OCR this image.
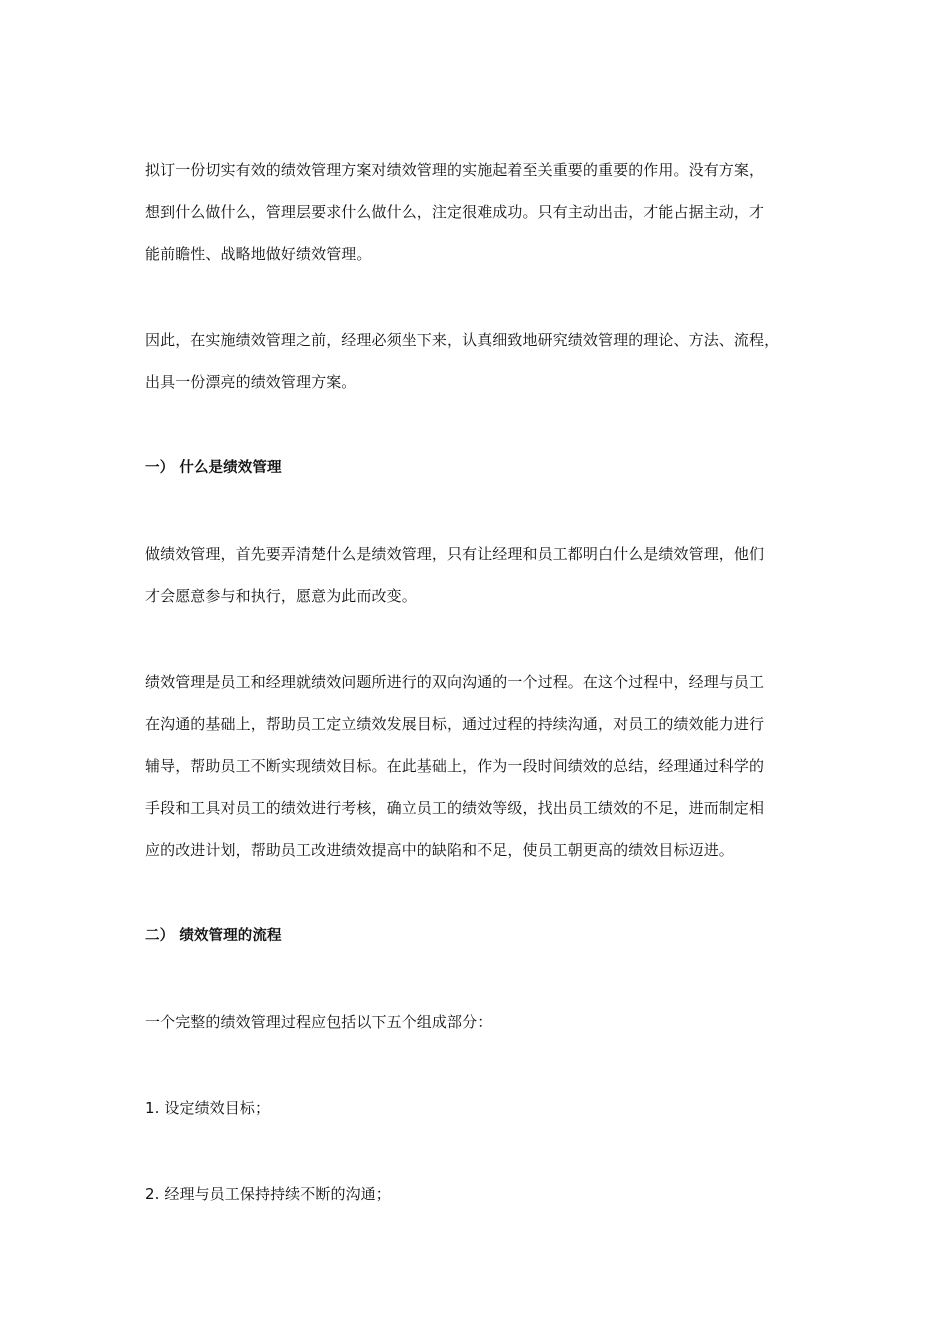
拟订一份切实有效的绩效管理方案对绩效管理的实施起着至关重要的重要的作用。没有方案，
想到什么做什么，管理层要求什么做什么，注定很难成功。只有主动出击，才能占据主动，才
能前瞻性、战略地做好绩效管理。
因此，在实施绩效管理之前，经理必须坐下来，认真细致地研究绩效管理的理论、方法、流程，
出具一份漂亮的绩效管理方案。
一） 什么是绩效管理
做绩效管理，首先要弄清楚什么是绩效管理，只有让经理和员工都明白什么是绩效管理，他们
才会愿意参与和执行，愿意为此而改变。
绩效管理是员工和经理就绩效问题所进行的双向沟通的一个过程。在这个过程中，经理与员工
在沟通的基础上，帮助员工定立绩效发展目标，通过过程的持续沟通，对员工的绩效能力进行
辅导，帮助员工不断实现绩效目标。在此基础上，作为一段时间绩效的总结，经理通过科学的
手段和工具对员工的绩效进行考核，确立员工的绩效等级，找出员工绩效的不足，进而制定相
应的改进计划，帮助员工改进绩效提高中的缺陷和不足，使员工朝更高的绩效目标迈进。
二） 绩效管理的流程
一个完整的绩效管理过程应包括以下五个组成部分：
1. 设定绩效目标；
2. 经理与员工保持持续不断的沟通；
